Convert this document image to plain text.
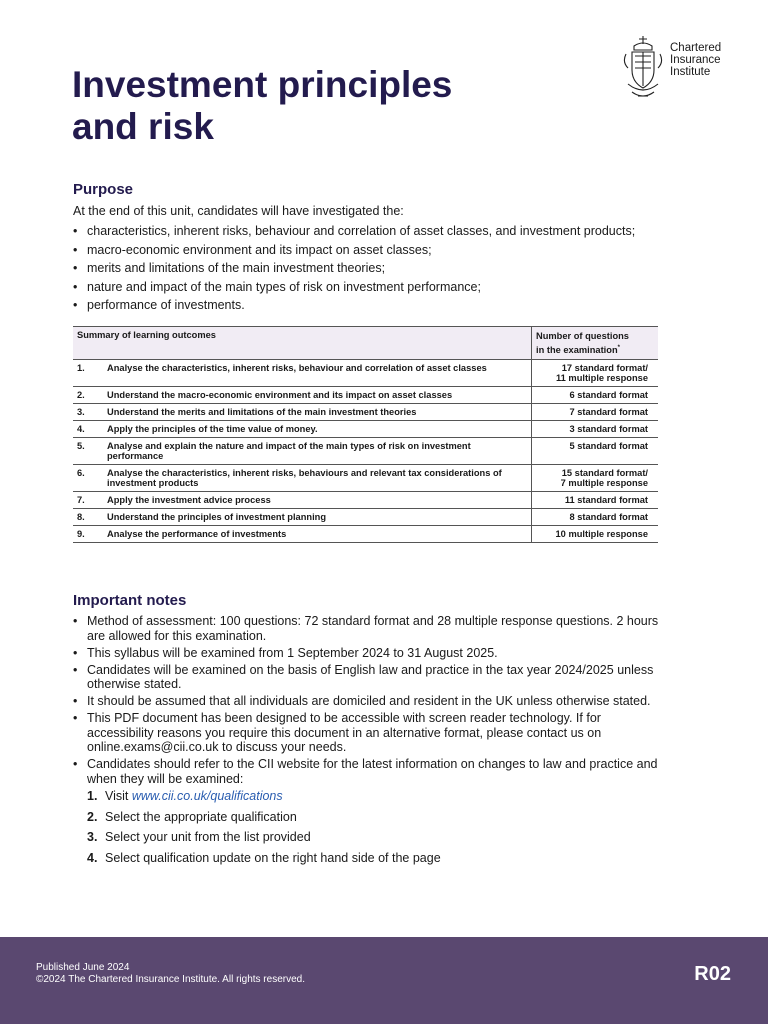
Chartered
Insurance
Institute
Investment principles
and risk
Purpose
At the end of this unit, candidates will have investigated the:
• characteristics, inherent risks, behaviour and correlation of asset classes, and investment products;
• macro-economic environment and its impact on asset classes;
• merits and limitations of the main investment theories;
• nature and impact of the main types of risk on investment performance;
• performance of investments.
Summary of learning outcomes		Number of questions
in the examination*
1.	Analyse the characteristics, inherent risks, behaviour and correlation of asset classes	17 standard format/
11 multiple response
2.	Understand the macro-economic environment and its impact on asset classes	6 standard format
3.	Understand the merits and limitations of the main investment theories	7 standard format
4.	Apply the principles of the time value of money.	3 standard format
5.	Analyse and explain the nature and impact of the main types of risk on investment performance	5 standard format
6.	Analyse the characteristics, inherent risks, behaviours and relevant tax considerations of investment products	15 standard format/
7 multiple response
7.	Apply the investment advice process	11 standard format
8.	Understand the principles of investment planning	8 standard format
9.	Analyse the performance of investments	10 multiple response
Important notes
• Method of assessment: 100 questions: 72 standard format and 28 multiple response questions. 2 hours are allowed for this examination.
• This syllabus will be examined from 1 September 2024 to 31 August 2025.
• Candidates will be examined on the basis of English law and practice in the tax year 2024/2025 unless otherwise stated.
• It should be assumed that all individuals are domiciled and resident in the UK unless otherwise stated.
• This PDF document has been designed to be accessible with screen reader technology. If for accessibility reasons you require this document in an alternative format, please contact us on online.exams@cii.co.uk to discuss your needs.
• Candidates should refer to the CII website for the latest information on changes to law and practice and when they will be examined:
1. Visit www.cii.co.uk/qualifications
2. Select the appropriate qualification
3. Select your unit from the list provided
4. Select qualification update on the right hand side of the page
Published June 2024
©2024 The Chartered Insurance Institute. All rights reserved.	R02
